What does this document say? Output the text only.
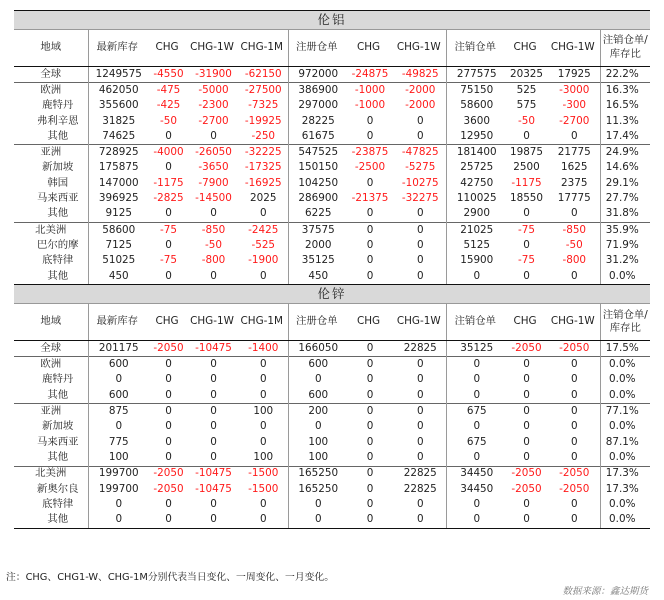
伦铝											
地域	最新库存	CHG	CHG-1W	CHG-1M	注册仓单	CHG	CHG-1W	注销仓单	CHG	CHG-1W	注销仓单/库存比
全球	1249575	-4550	-31900	-62150	972000	-24875	-49825	277575	20325	17925	22.2%
欧洲	462050	-475	-5000	-27500	386900	-1000	-2000	75150	525	-3000	16.3%
鹿特丹	355600	-425	-2300	-7325	297000	-1000	-2000	58600	575	-300	16.5%
弗利辛恩	31825	-50	-2700	-19925	28225	0	0	3600	-50	-2700	11.3%
其他	74625	0	0	-250	61675	0	0	12950	0	0	17.4%
亚洲	728925	-4000	-26050	-32225	547525	-23875	-47825	181400	19875	21775	24.9%
新加坡	175875	0	-3650	-17325	150150	-2500	-5275	25725	2500	1625	14.6%
韩国	147000	-1175	-7900	-16925	104250	0	-10275	42750	-1175	2375	29.1%
马来西亚	396925	-2825	-14500	2025	286900	-21375	-32275	110025	18550	17775	27.7%
其他	9125	0	0	0	6225	0	0	2900	0	0	31.8%
北美洲	58600	-75	-850	-2425	37575	0	0	21025	-75	-850	35.9%
巴尔的摩	7125	0	-50	-525	2000	0	0	5125	0	-50	71.9%
底特律	51025	-75	-800	-1900	35125	0	0	15900	-75	-800	31.2%
其他	450	0	0	0	450	0	0	0	0	0	0.0%
伦锌											
地域	最新库存	CHG	CHG-1W	CHG-1M	注册仓单	CHG	CHG-1W	注销仓单	CHG	CHG-1W	注销仓单/库存比
全球	201175	-2050	-10475	-1400	166050	0	22825	35125	-2050	-2050	17.5%
欧洲	600	0	0	0	600	0	0	0	0	0	0.0%
鹿特丹	0	0	0	0	0	0	0	0	0	0	0.0%
其他	600	0	0	0	600	0	0	0	0	0	0.0%
亚洲	875	0	0	100	200	0	0	675	0	0	77.1%
新加坡	0	0	0	0	0	0	0	0	0	0	0.0%
马来西亚	775	0	0	0	100	0	0	675	0	0	87.1%
其他	100	0	0	100	100	0	0	0	0	0	0.0%
北美洲	199700	-2050	-10475	-1500	165250	0	22825	34450	-2050	-2050	17.3%
新奥尔良	199700	-2050	-10475	-1500	165250	0	22825	34450	-2050	-2050	17.3%
底特律	0	0	0	0	0	0	0	0	0	0	0.0%
其他	0	0	0	0	0	0	0	0	0	0	0.0%
注：CHG、CHG1-W、CHG-1M分别代表当日变化、一周变化、一月变化。
数据来源：鑫达期货
